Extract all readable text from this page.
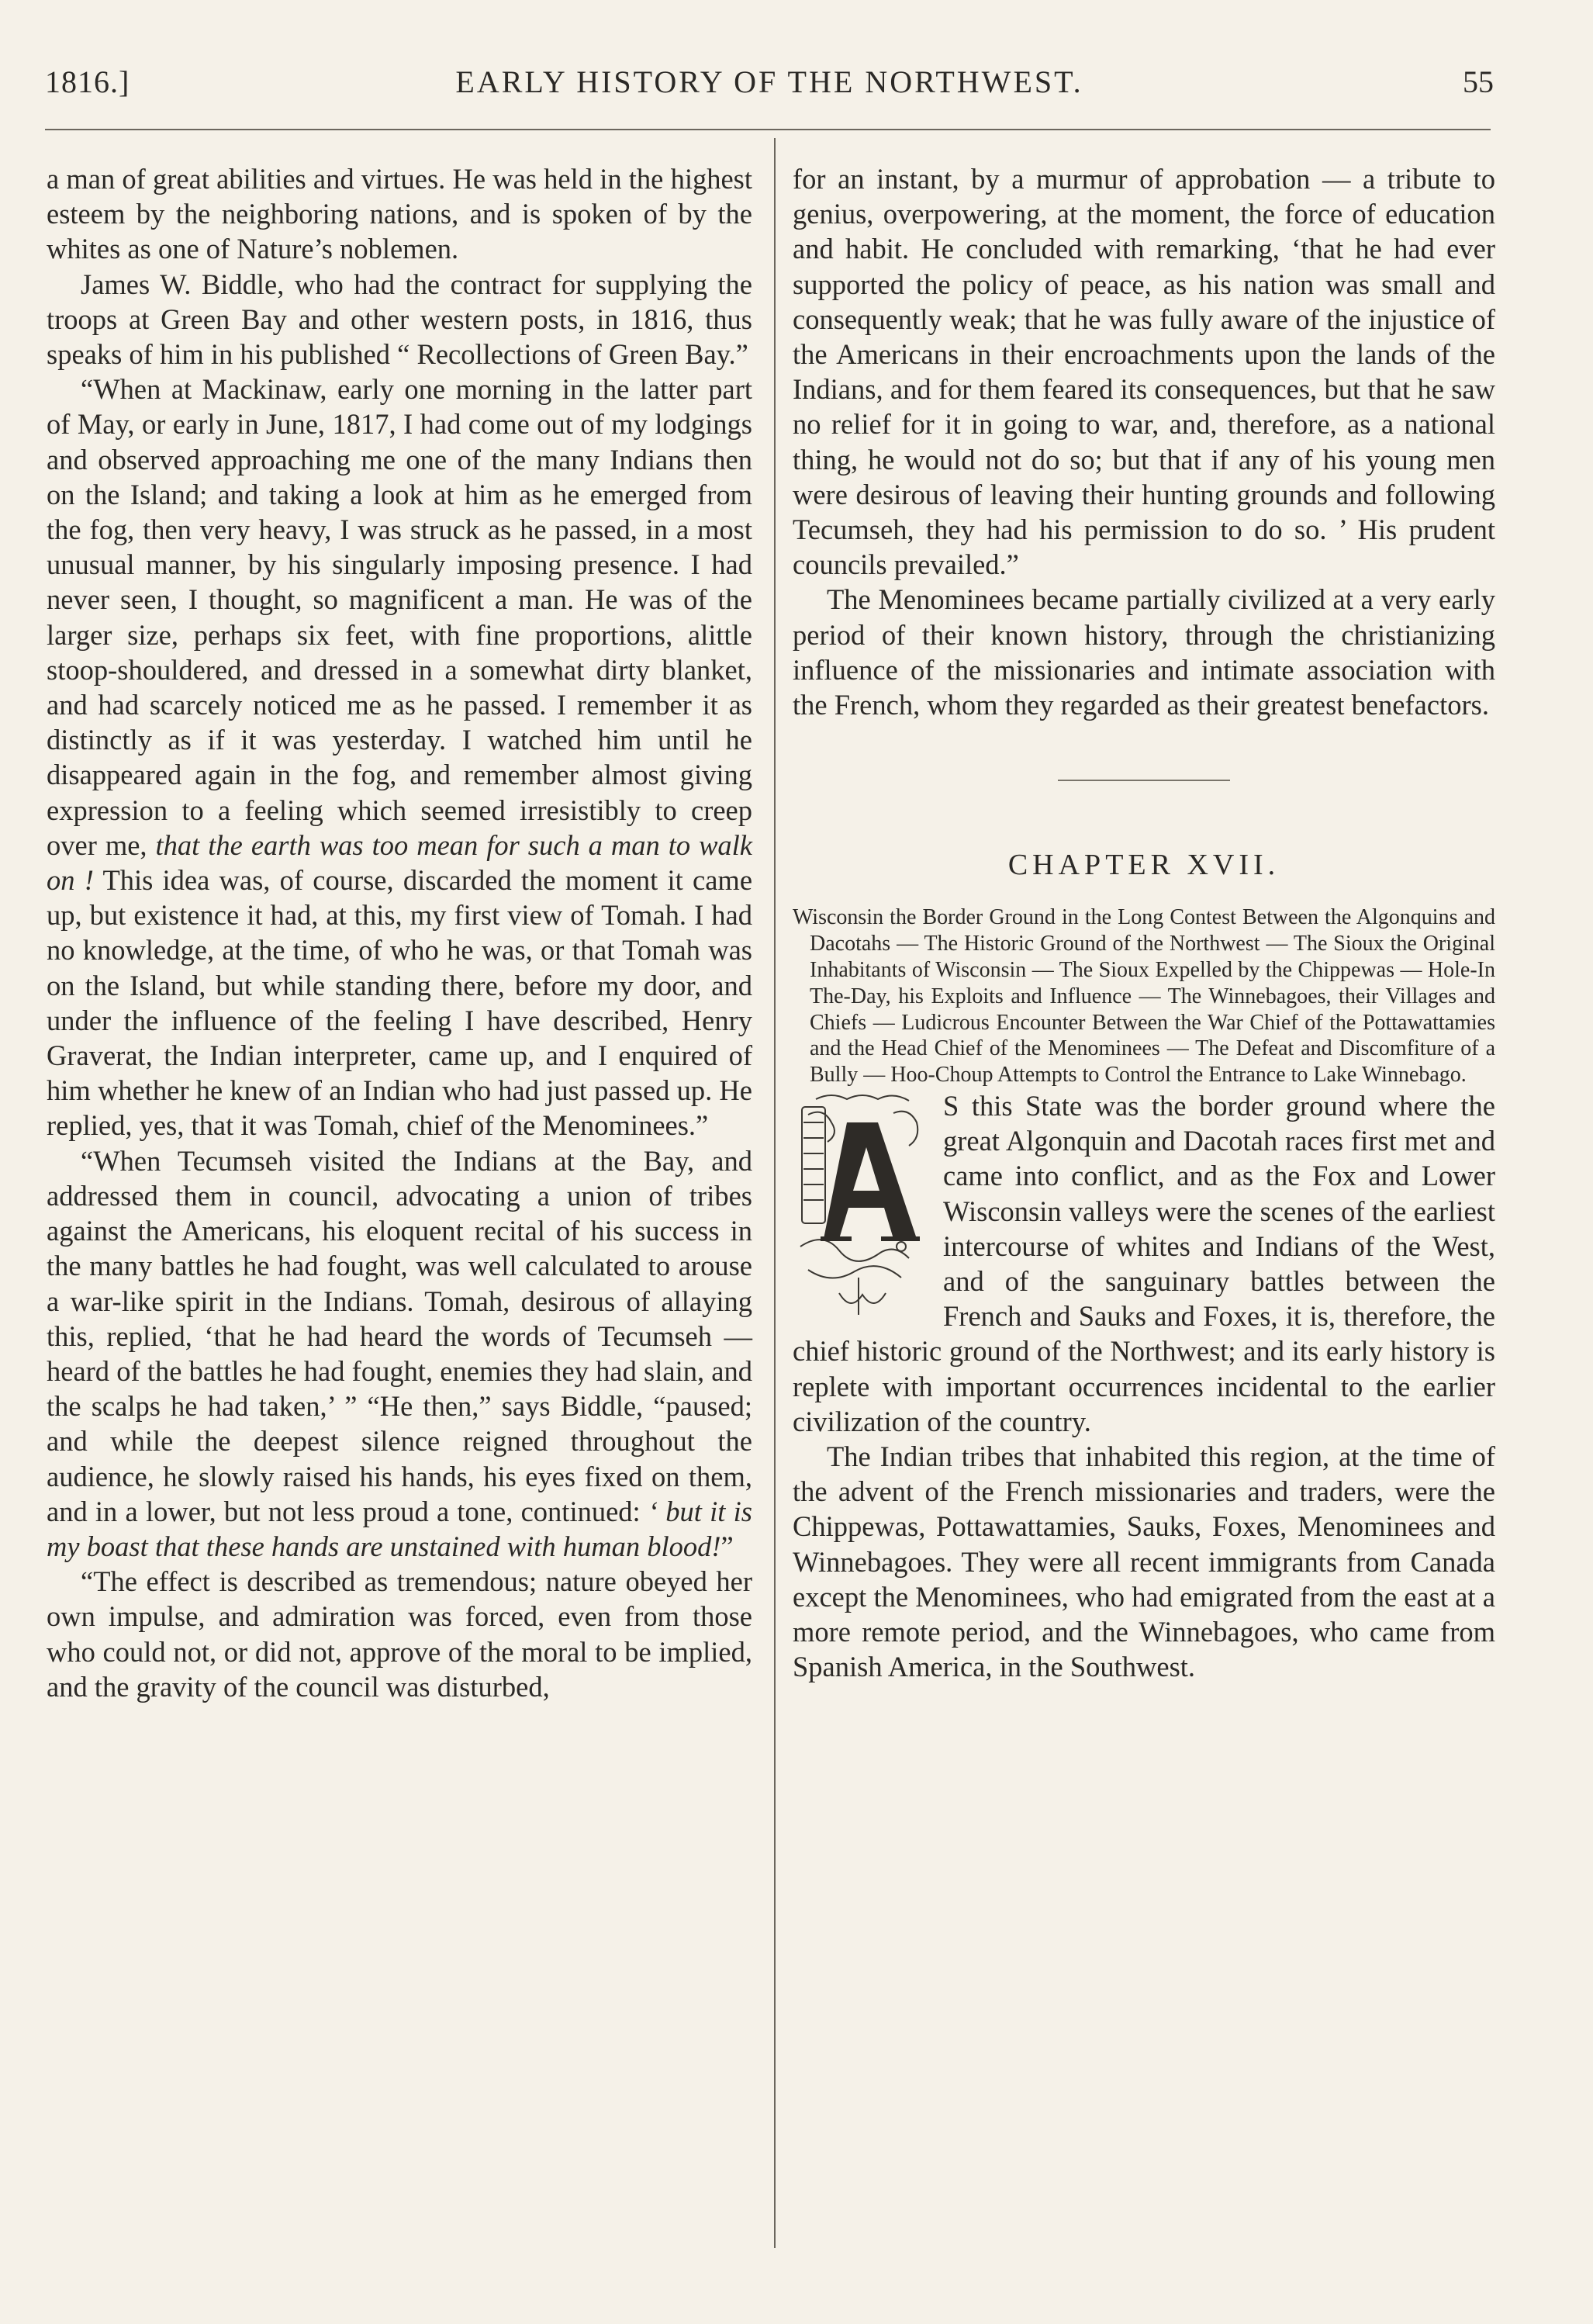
1816.]	EARLY HISTORY OF THE NORTHWEST.	55

a man of great abilities and virtues. He was held in the highest esteem by the neighboring nations, and is spoken of by the whites as one of Nature’s noblemen.

James W. Biddle, who had the contract for supplying the troops at Green Bay and other western posts, in 1816, thus speaks of him in his published “ Recollections of Green Bay.”

“When at Mackinaw, early one morning in the latter part of May, or early in June, 1817, I had come out of my lodgings and observed approaching me one of the many Indians then on the Island; and taking a look at him as he emerged from the fog, then very heavy, I was struck as he passed, in a most unusual manner, by his singularly imposing presence. I had never seen, I thought, so magnificent a man. He was of the larger size, perhaps six feet, with fine proportions, alittle stoop-shouldered, and dressed in a somewhat dirty blanket, and had scarcely noticed me as he passed. I remember it as distinctly as if it was yesterday. I watched him until he disappeared again in the fog, and remember almost giving expression to a feeling which seemed irresistibly to creep over me, that the earth was too mean for such a man to walk on ! This idea was, of course, discarded the moment it came up, but existence it had, at this, my first view of Tomah. I had no knowledge, at the time, of who he was, or that Tomah was on the Island, but while standing there, before my door, and under the influence of the feeling I have described, Henry Graverat, the Indian interpreter, came up, and I enquired of him whether he knew of an Indian who had just passed up. He replied, yes, that it was Tomah, chief of the Menominees.”

“When Tecumseh visited the Indians at the Bay, and addressed them in council, advocating a union of tribes against the Americans, his eloquent recital of his success in the many battles he had fought, was well calculated to arouse a war-like spirit in the Indians. Tomah, desirous of allaying this, replied, ‘that he had heard the words of Tecumseh — heard of the battles he had fought, enemies they had slain, and the scalps he had taken,’ ” “He then,” says Biddle, “paused; and while the deepest silence reigned throughout the audience, he slowly raised his hands, his eyes fixed on them, and in a lower, but not less proud a tone, continued: ‘ but it is my boast that these hands are unstained with human blood!”

“The effect is described as tremendous; nature obeyed her own impulse, and admiration was forced, even from those who could not, or did not, approve of the moral to be implied, and the gravity of the council was disturbed,

for an instant, by a murmur of approbation — a tribute to genius, overpowering, at the moment, the force of education and habit. He concluded with remarking, ‘that he had ever supported the policy of peace, as his nation was small and consequently weak; that he was fully aware of the injustice of the Americans in their encroachments upon the lands of the Indians, and for them feared its consequences, but that he saw no relief for it in going to war, and, therefore, as a national thing, he would not do so; but that if any of his young men were desirous of leaving their hunting grounds and following Tecumseh, they had his permission to do so. ’ His prudent councils prevailed.”

The Menominees became partially civilized at a very early period of their known history, through the christianizing influence of the missionaries and intimate association with the French, whom they regarded as their greatest benefactors.

CHAPTER XVII.

Wisconsin the Border Ground in the Long Contest Between the Algonquins and Dacotahs — The Historic Ground of the Northwest — The Sioux the Original Inhabitants of Wisconsin — The Sioux Expelled by the Chippewas — Hole-In The-Day, his Exploits and Influence — The Winnebagoes, their Villages and Chiefs — Ludicrous Encounter Between the War Chief of the Pottawattamies and the Head Chief of the Menominees — The Defeat and Discomfiture of a Bully — Hoo-Choup Attempts to Control the Entrance to Lake Winnebago.

S this State was the border ground where the great Algonquin and Dacotah races first met and came into conflict, and as the Fox and Lower Wisconsin valleys were the scenes of the earliest intercourse of whites and Indians of the West, and of the sanguinary battles between the French and Sauks and Foxes, it is, therefore, the chief historic ground of the Northwest; and its early history is replete with important occurrences incidental to the earlier civilization of the country.

The Indian tribes that inhabited this region, at the time of the advent of the French missionaries and traders, were the Chippewas, Pottawattamies, Sauks, Foxes, Menominees and Winnebagoes. They were all recent immigrants from Canada except the Menominees, who had emigrated from the east at a more remote period, and the Winnebagoes, who came from Spanish America, in the Southwest.
